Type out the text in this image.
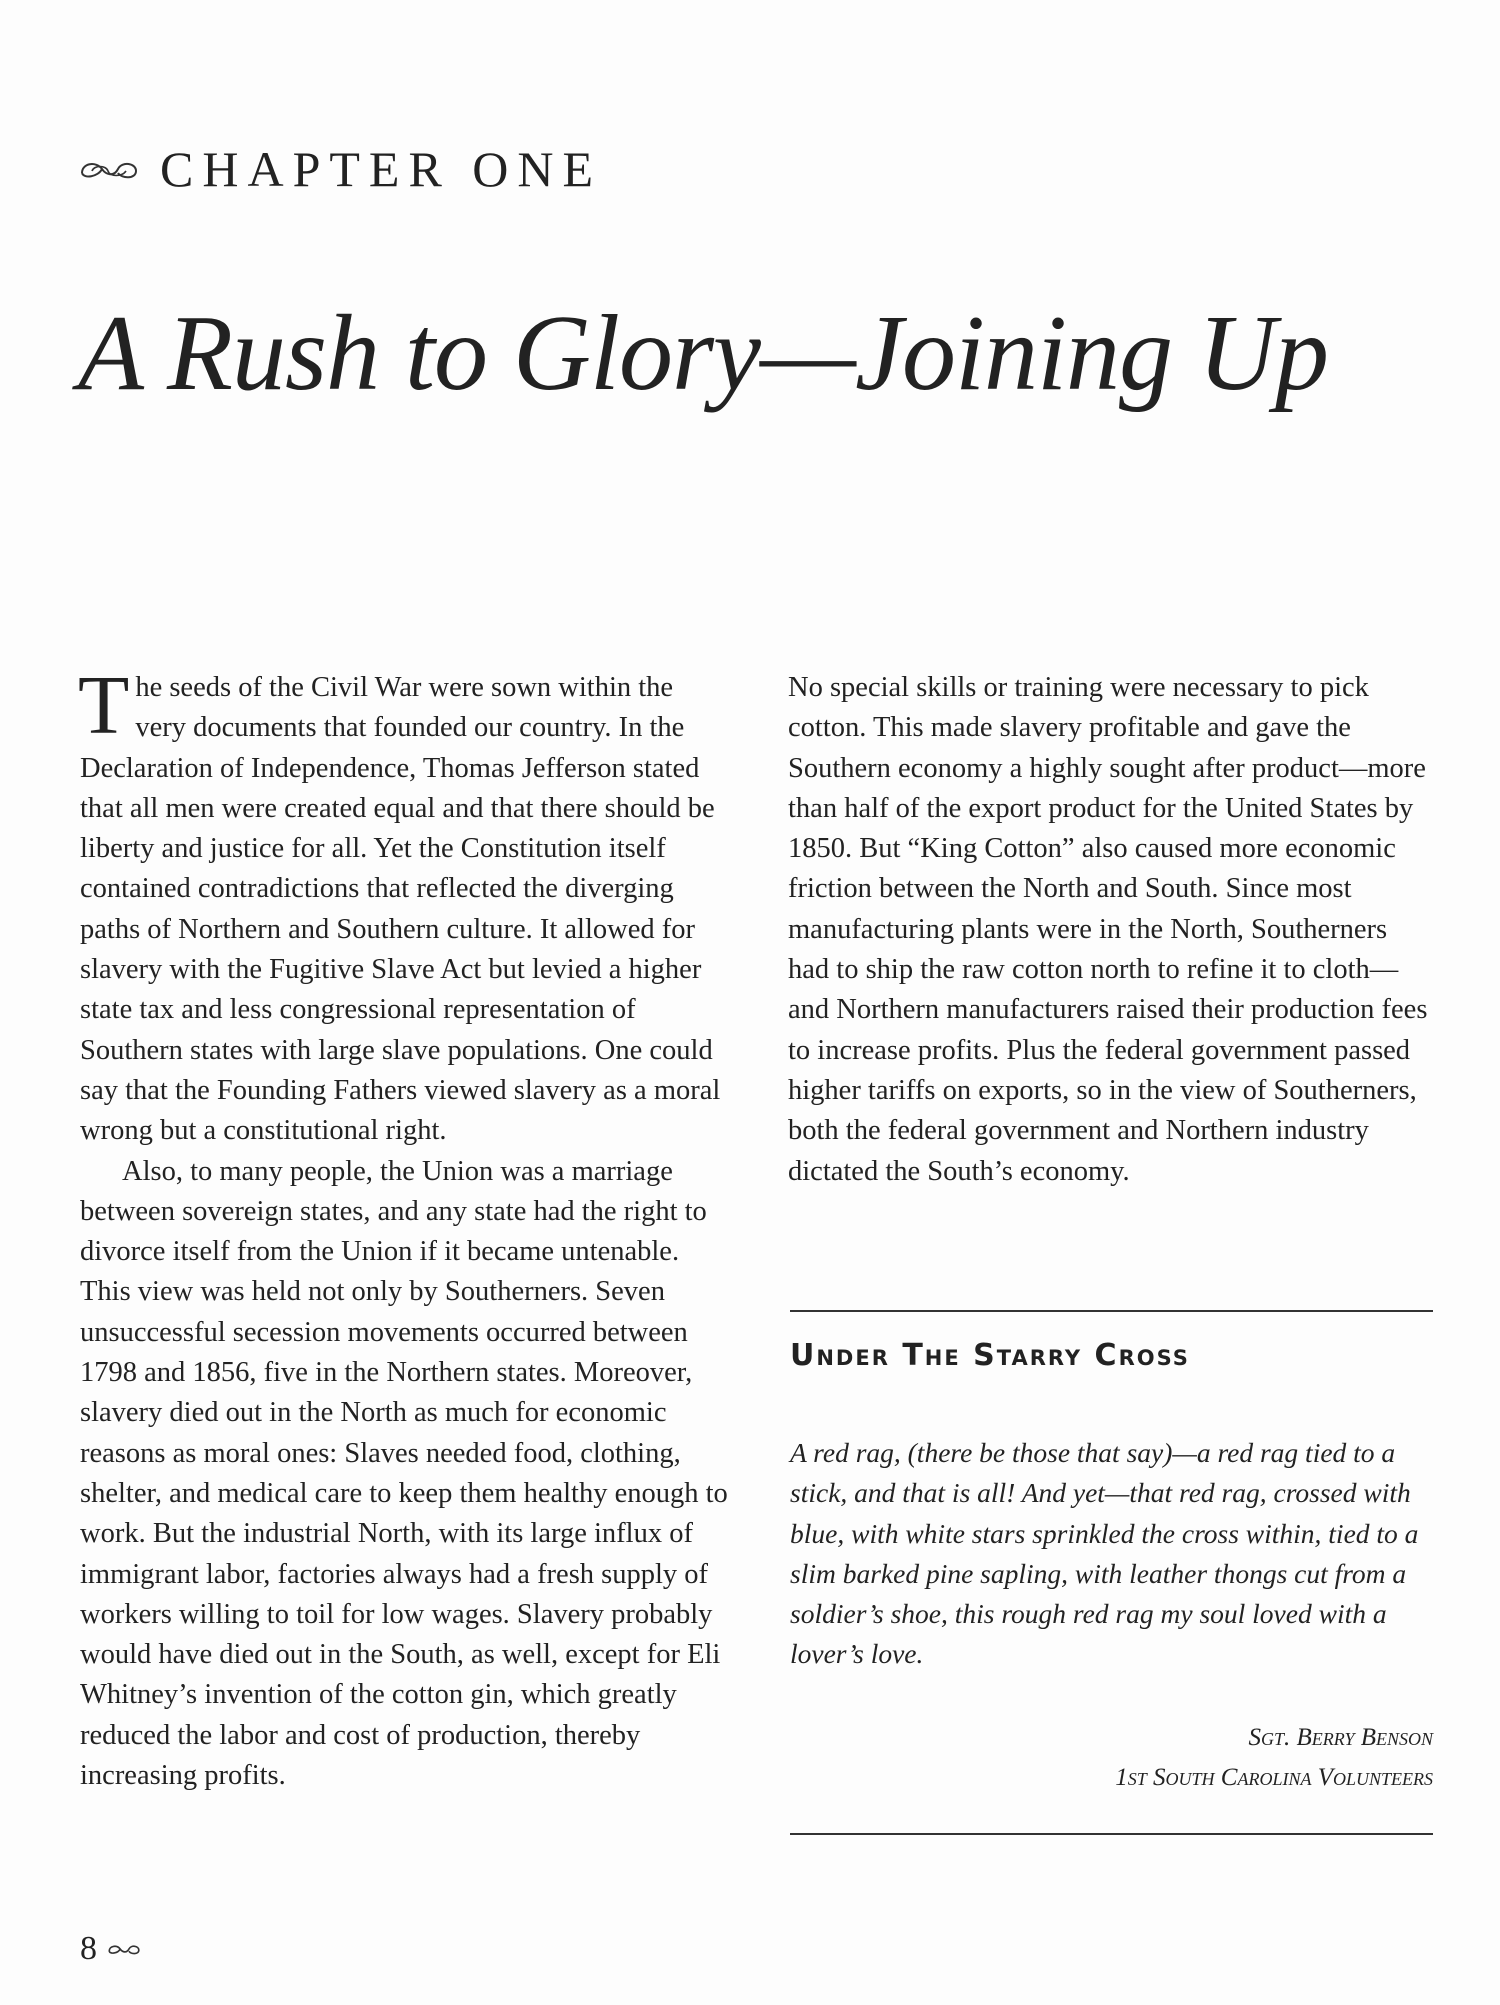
CHAPTER ONE
A Rush to Glory—Joining Up

The seeds of the Civil War were sown within the very documents that founded our country. In the Declaration of Independence, Thomas Jefferson stated that all men were created equal and that there should be liberty and justice for all. Yet the Constitution itself contained contradictions that reflected the diverging paths of Northern and Southern culture. It allowed for slavery with the Fugitive Slave Act but levied a higher state tax and less congressional representation of Southern states with large slave populations. One could say that the Founding Fathers viewed slavery as a moral wrong but a constitutional right.

Also, to many people, the Union was a marriage between sovereign states, and any state had the right to divorce itself from the Union if it became untenable. This view was held not only by Southerners. Seven unsuccessful secession movements occurred between 1798 and 1856, five in the Northern states. Moreover, slavery died out in the North as much for economic reasons as moral ones: Slaves needed food, clothing, shelter, and medical care to keep them healthy enough to work. But the industrial North, with its large influx of immigrant labor, factories always had a fresh supply of workers willing to toil for low wages. Slavery probably would have died out in the South, as well, except for Eli Whitney’s invention of the cotton gin, which greatly reduced the labor and cost of production, thereby increasing profits.

No special skills or training were necessary to pick cotton. This made slavery profitable and gave the Southern economy a highly sought after product—more than half of the export product for the United States by 1850. But “King Cotton” also caused more economic friction between the North and South. Since most manufacturing plants were in the North, Southerners had to ship the raw cotton north to refine it to cloth—and Northern manufacturers raised their production fees to increase profits. Plus the federal government passed higher tariffs on exports, so in the view of Southerners, both the federal government and Northern industry dictated the South’s economy.

Under The Starry Cross
A red rag, (there be those that say)—a red rag tied to a stick, and that is all! And yet—that red rag, crossed with blue, with white stars sprinkled the cross within, tied to a slim barked pine sapling, with leather thongs cut from a soldier’s shoe, this rough red rag my soul loved with a lover’s love.
Sgt. Berry Benson
1st South Carolina Volunteers
8
